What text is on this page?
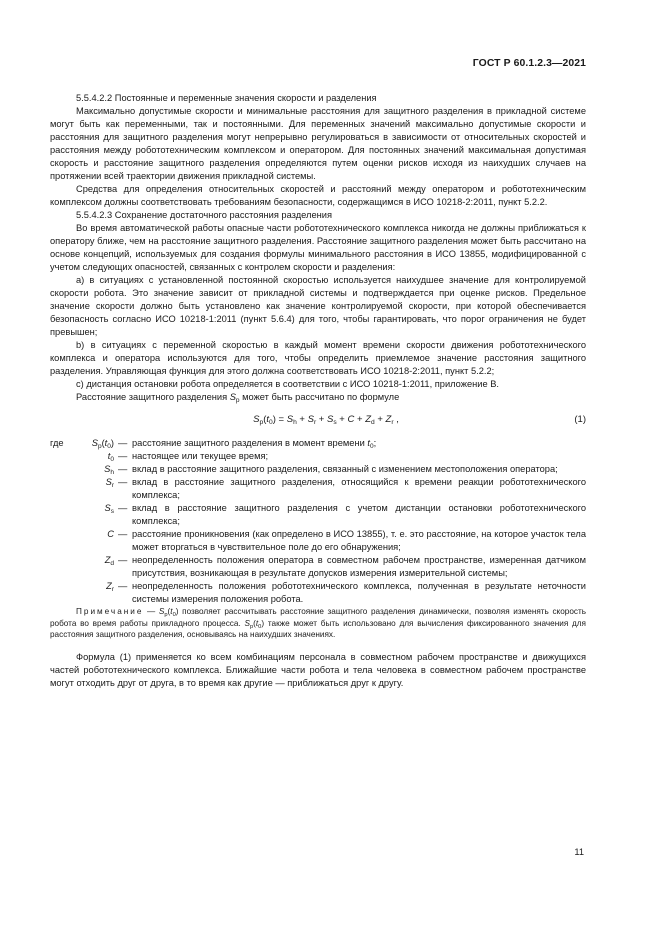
ГОСТ Р 60.1.2.3—2021

5.5.4.2.2 Постоянные и переменные значения скорости и разделения

Максимально допустимые скорости и минимальные расстояния для защитного разделения в прикладной системе могут быть как переменными, так и постоянными. Для переменных значений максимально допустимые скорости и расстояния для защитного разделения могут непрерывно регулироваться в зависимости от относительных скоростей и расстояния между робототехническим комплексом и оператором. Для постоянных значений максимальная допустимая скорость и расстояние защитного разделения определяются путем оценки рисков исходя из наихудших случаев на протяжении всей траектории движения прикладной системы.

Средства для определения относительных скоростей и расстояний между оператором и робототехническим комплексом должны соответствовать требованиям безопасности, содержащимся в ИСО 10218-2:2011, пункт 5.2.2.

5.5.4.2.3 Сохранение достаточного расстояния разделения

Во время автоматической работы опасные части робототехнического комплекса никогда не должны приближаться к оператору ближе, чем на расстояние защитного разделения. Расстояние защитного разделения может быть рассчитано на основе концепций, используемых для создания формулы минимального расстояния в ИСО 13855, модифицированной с учетом следующих опасностей, связанных с контролем скорости и разделения:

а) в ситуациях с установленной постоянной скоростью используется наихудшее значение для контролируемой скорости робота. Это значение зависит от прикладной системы и подтверждается при оценке рисков. Предельное значение скорости должно быть установлено как значение контролируемой скорости, при которой обеспечивается безопасность согласно ИСО 10218-1:2011 (пункт 5.6.4) для того, чтобы гарантировать, что порог ограничения не будет превышен;

b) в ситуациях с переменной скоростью в каждый момент времени скорости движения робототехнического комплекса и оператора используются для того, чтобы определить приемлемое значение расстояния защитного разделения. Управляющая функция для этого должна соответствовать ИСО 10218-2:2011, пункт 5.2.2;

с) дистанция остановки робота определяется в соответствии с ИСО 10218-1:2011, приложение В.

Расстояние защитного разделения $S_p$ может быть рассчитано по формуле

$S_p(t_0) = S_h + S_r + S_s + C + Z_d + Z_r$ ,	(1)
где	$S_p(t_0)$ — расстояние защитного разделения в момент времени $t_0$;
$t_0$ — настоящее или текущее время;
$S_h$ — вклад в расстояние защитного разделения, связанный с изменением местоположения оператора;
$S_r$ — вклад в расстояние защитного разделения, относящийся к времени реакции робототехнического комплекса;
$S_s$ — вклад в расстояние защитного разделения с учетом дистанции остановки робототехнического комплекса;
C — расстояние проникновения (как определено в ИСО 13855), т. е. это расстояние, на которое участок тела может вторгаться в чувствительное поле до его обнаружения;
$Z_d$ — неопределенность положения оператора в совместном рабочем пространстве, измеренная датчиком присутствия, возникающая в результате допусков измерения измерительной системы;
$Z_r$ — неопределенность положения робототехнического комплекса, полученная в результате неточности системы измерения положения робота.

Примечание — $S_p(t_0)$ позволяет рассчитывать расстояние защитного разделения динамически, позволяя изменять скорость робота во время работы прикладного процесса. $S_p(t_0)$ также может быть использовано для вычисления фиксированного значения для расстояния защитного разделения, основываясь на наихудших значениях.

Формула (1) применяется ко всем комбинациям персонала в совместном рабочем пространстве и движущихся частей робототехнического комплекса. Ближайшие части робота и тела человека в совместном рабочем пространстве могут отходить друг от друга, в то время как другие — приближаться друг к другу.

11
